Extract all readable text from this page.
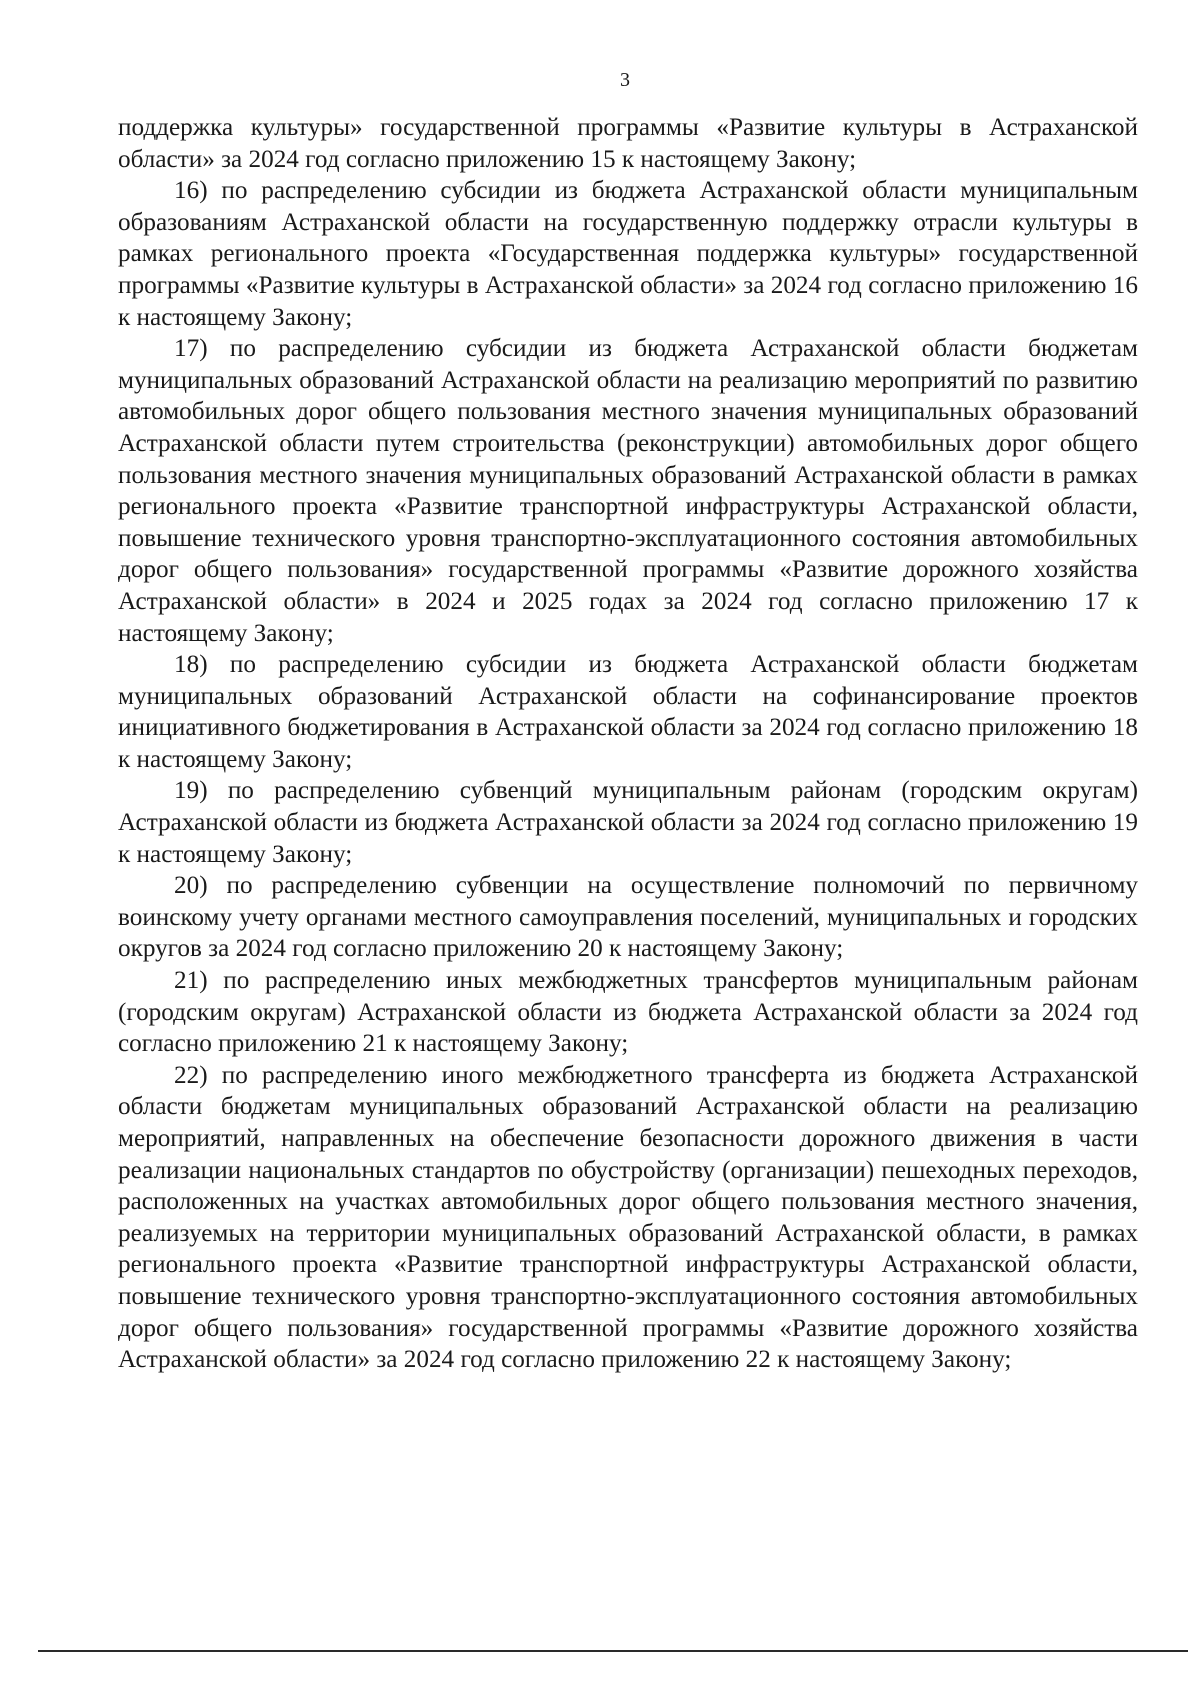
3

поддержка культуры» государственной программы «Развитие культуры в Астраханской области» за 2024 год согласно приложению 15 к настоящему Закону;

16) по распределению субсидии из бюджета Астраханской области муниципальным образованиям Астраханской области на государственную поддержку отрасли культуры в рамках регионального проекта «Государственная поддержка культуры» государственной программы «Развитие культуры в Астраханской области» за 2024 год согласно приложению 16 к настоящему Закону;

17) по распределению субсидии из бюджета Астраханской области бюджетам муниципальных образований Астраханской области на реализацию мероприятий по развитию автомобильных дорог общего пользования местного значения муниципальных образований Астраханской области путем строительства (реконструкции) автомобильных дорог общего пользования местного значения муниципальных образований Астраханской области в рамках регионального проекта «Развитие транспортной инфраструктуры Астраханской области, повышение технического уровня транспортно-эксплуатационного состояния автомобильных дорог общего пользования» государственной программы «Развитие дорожного хозяйства Астраханской области» в 2024 и 2025 годах за 2024 год согласно приложению 17 к настоящему Закону;

18) по распределению субсидии из бюджета Астраханской области бюджетам муниципальных образований Астраханской области на софинансирование проектов инициативного бюджетирования в Астраханской области за 2024 год согласно приложению 18 к настоящему Закону;

19) по распределению субвенций муниципальным районам (городским округам) Астраханской области из бюджета Астраханской области за 2024 год согласно приложению 19 к настоящему Закону;

20) по распределению субвенции на осуществление полномочий по первичному воинскому учету органами местного самоуправления поселений, муниципальных и городских округов за 2024 год согласно приложению 20 к настоящему Закону;

21) по распределению иных межбюджетных трансфертов муниципальным районам (городским округам) Астраханской области из бюджета Астраханской области за 2024 год согласно приложению 21 к настоящему Закону;

22) по распределению иного межбюджетного трансферта из бюджета Астраханской области бюджетам муниципальных образований Астраханской области на реализацию мероприятий, направленных на обеспечение безопасности дорожного движения в части реализации национальных стандартов по обустройству (организации) пешеходных переходов, расположенных на участках автомобильных дорог общего пользования местного значения, реализуемых на территории муниципальных образований Астраханской области, в рамках регионального проекта «Развитие транспортной инфраструктуры Астраханской области, повышение технического уровня транспортно-эксплуатационного состояния автомобильных дорог общего пользования» государственной программы «Развитие дорожного хозяйства Астраханской области» за 2024 год согласно приложению 22 к настоящему Закону;
